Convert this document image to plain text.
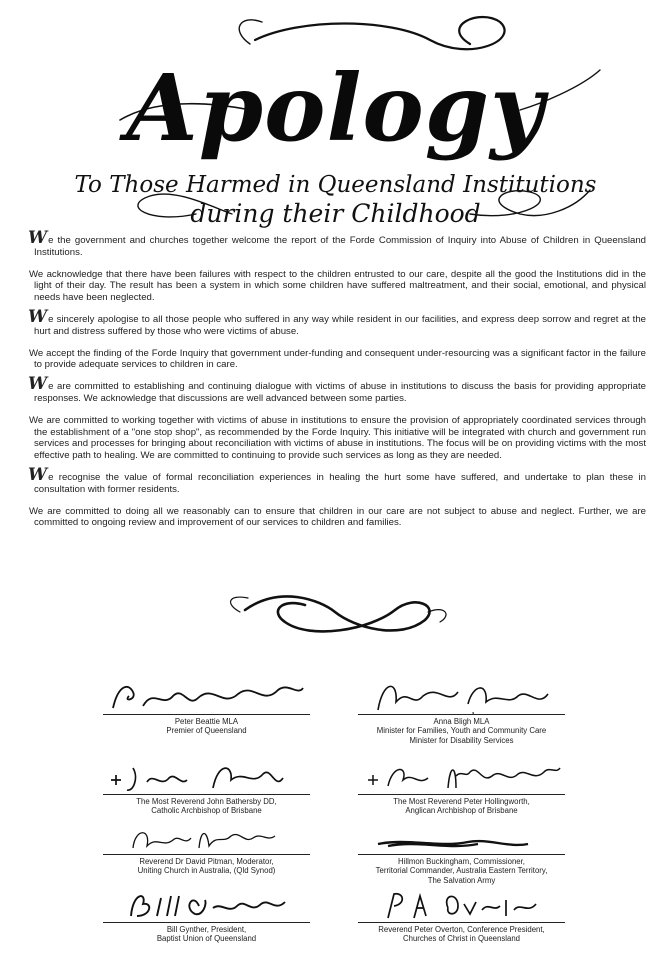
Apology
To Those Harmed in Queensland Institutions
during their Childhood

We the government and churches together welcome the report of the Forde Commission of Inquiry into Abuse of Children in Queensland Institutions.

We acknowledge that there have been failures with respect to the children entrusted to our care, despite all the good the Institutions did in the light of their day. The result has been a system in which some children have suffered maltreatment, and their social, emotional, and physical needs have been neglected.

We sincerely apologise to all those people who suffered in any way while resident in our facilities, and express deep sorrow and regret at the hurt and distress suffered by those who were victims of abuse.

We accept the finding of the Forde Inquiry that government under-funding and consequent under-resourcing was a significant factor in the failure to provide adequate services to children in care.

We are committed to establishing and continuing dialogue with victims of abuse in institutions to discuss the basis for providing appropriate responses. We acknowledge that discussions are well advanced between some parties.

We are committed to working together with victims of abuse in institutions to ensure the provision of appropriately coordinated services through the establishment of a "one stop shop", as recommended by the Forde Inquiry. This initiative will be integrated with church and government run services and processes for bringing about reconciliation with victims of abuse in institutions. The focus will be on providing victims with the most effective path to healing. We are committed to continuing to provide such services as long as they are needed.

We recognise the value of formal reconciliation experiences in healing the hurt some have suffered, and undertake to plan these in consultation with former residents.

We are committed to doing all we reasonably can to ensure that children in our care are not subject to abuse and neglect. Further, we are committed to ongoing review and improvement of our services to children and families.

Peter Beattie MLA
Premier of Queensland
Anna Bligh MLA
Minister for Families, Youth and Community Care
Minister for Disability Services
The Most Reverend John Bathersby DD,
Catholic Archbishop of Brisbane
The Most Reverend Peter Hollingworth,
Anglican Archbishop of Brisbane
Reverend Dr David Pitman, Moderator,
Uniting Church in Australia, (Qld Synod)
Hillmon Buckingham, Commissioner,
Territorial Commander, Australia Eastern Territory,
The Salvation Army
Bill Gynther, President,
Baptist Union of Queensland
Reverend Peter Overton, Conference President,
Churches of Christ in Queensland
